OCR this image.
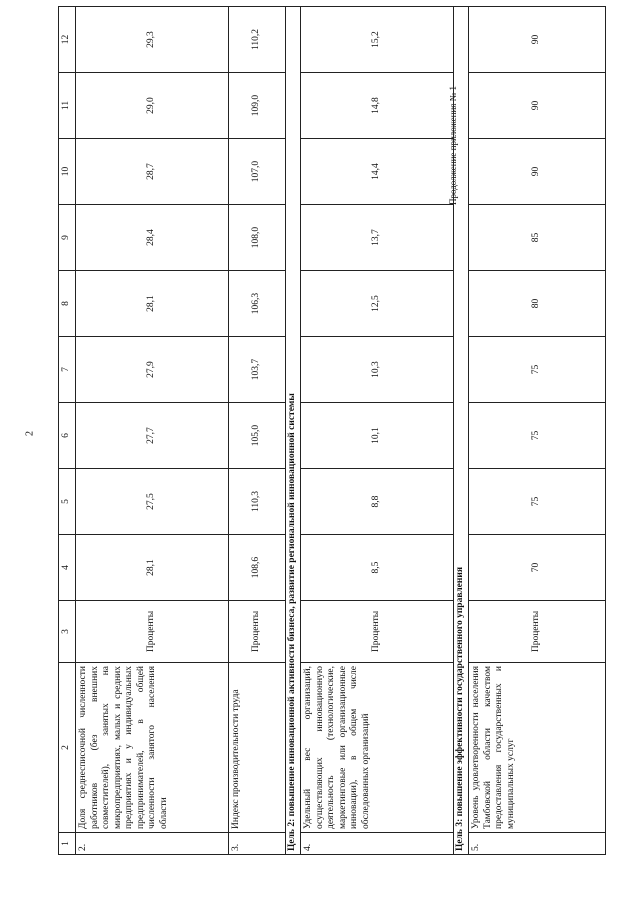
2
Продолжение приложения № 1
1	2	3	4	5	6	7	8	9	10	11	12
2.	Доля среднесписочной численности работников (без внешних совместителей), занятых на микропредприятиях, малых и средних предприятиях и у индивидуальных предпринимателей, в общей численности занятого населения области	Проценты	28,1	27,5	27,7	27,9	28,1	28,4	28,7	29,0	29,3
3.	Индекс производительности труда	Проценты	108,6	110,3	105,0	103,7	106,3	108,0	107,0	109,0	110,2
Цель 2: повышение инновационной активности бизнеса, развитие региональной инновационной системы											
4.	Удельный вес организаций, осуществляющих инновационную деятельность (технологические, маркетинговые или организационные инновации), в общем числе обследованных организаций	Проценты	8,5	8,8	10,1	10,3	12,5	13,7	14,4	14,8	15,2
Цель 3: повышение эффективности государственного управления											
5.	Уровень удовлетворенности населения Тамбовской области качеством предоставления государственных и муниципальных услуг	Проценты	70	75	75	75	80	85	90	90	90
